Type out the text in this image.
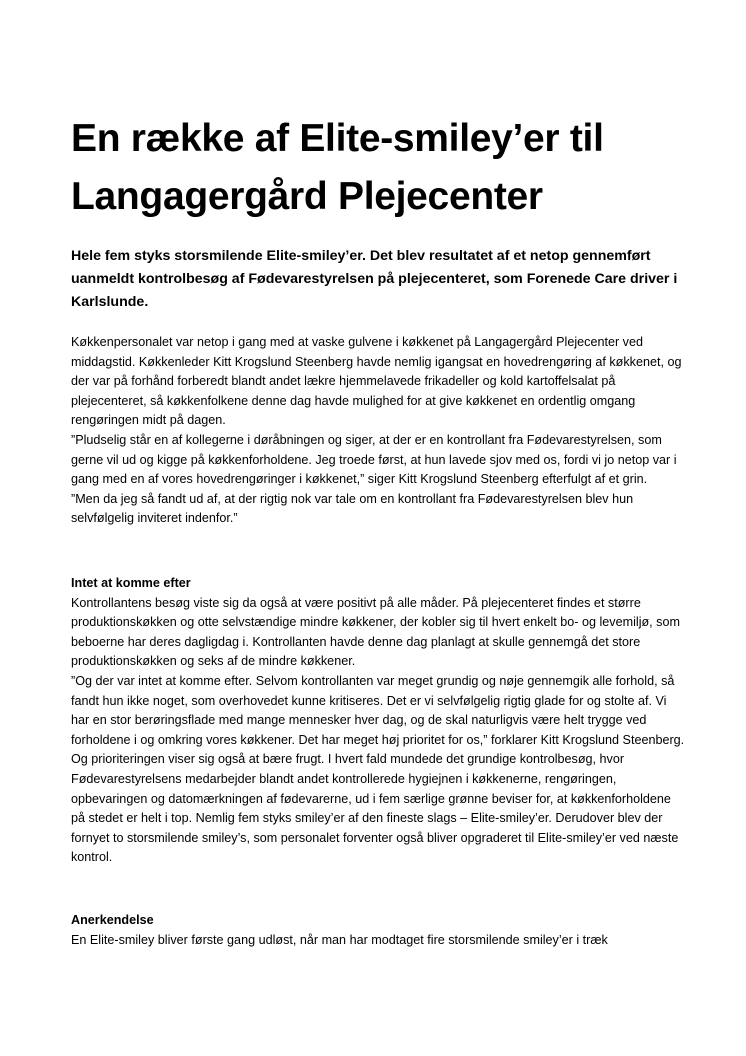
En række af Elite-smiley’er til Langagergård Plejecenter

Hele fem styks storsmilende Elite-smiley’er. Det blev resultatet af et netop gennemført uanmeldt kontrolbesøg af Fødevarestyrelsen på plejecenteret, som Forenede Care driver i Karlslunde.

Køkkenpersonalet var netop i gang med at vaske gulvene i køkkenet på Langagergård Plejecenter ved middagstid. Køkkenleder Kitt Krogslund Steenberg havde nemlig igangsat en hovedrengøring af køkkenet, og der var på forhånd forberedt blandt andet lækre hjemmelavede frikadeller og kold kartoffelsalat på plejecenteret, så køkkenfolkene denne dag havde mulighed for at give køkkenet en ordentlig omgang rengøringen midt på dagen.

”Pludselig står en af kollegerne i døråbningen og siger, at der er en kontrollant fra Fødevarestyrelsen, som gerne vil ud og kigge på køkkenforholdene. Jeg troede først, at hun lavede sjov med os, fordi vi jo netop var i gang med en af vores hovedrengøringer i køkkenet,” siger Kitt Krogslund Steenberg efterfulgt af et grin.

”Men da jeg så fandt ud af, at der rigtig nok var tale om en kontrollant fra Fødevarestyrelsen blev hun selvfølgelig inviteret indenfor.”

Intet at komme efter

Kontrollantens besøg viste sig da også at være positivt på alle måder. På plejecenteret findes et større produktionskøkken og otte selvstændige mindre køkkener, der kobler sig til hvert enkelt bo- og levemiljø, som beboerne har deres dagligdag i. Kontrollanten havde denne dag planlagt at skulle gennemgå det store produktionskøkken og seks af de mindre køkkener.

”Og der var intet at komme efter. Selvom kontrollanten var meget grundig og nøje gennemgik alle forhold, så fandt hun ikke noget, som overhovedet kunne kritiseres. Det er vi selvfølgelig rigtig glade for og stolte af. Vi har en stor berøringsflade med mange mennesker hver dag, og de skal naturligvis være helt trygge ved forholdene i og omkring vores køkkener. Det har meget høj prioritet for os,” forklarer Kitt Krogslund Steenberg.

Og prioriteringen viser sig også at bære frugt. I hvert fald mundede det grundige kontrolbesøg, hvor Fødevarestyrelsens medarbejder blandt andet kontrollerede hygiejnen i køkkenerne, rengøringen, opbevaringen og datomærkningen af fødevarerne, ud i fem særlige grønne beviser for, at køkkenforholdene på stedet er helt i top. Nemlig fem styks smiley’er af den fineste slags – Elite-smiley’er. Derudover blev der fornyet to storsmilende smiley’s, som personalet forventer også bliver opgraderet til Elite-smiley’er ved næste kontrol.

Anerkendelse

En Elite-smiley bliver første gang udløst, når man har modtaget fire storsmilende smiley’er i træk
